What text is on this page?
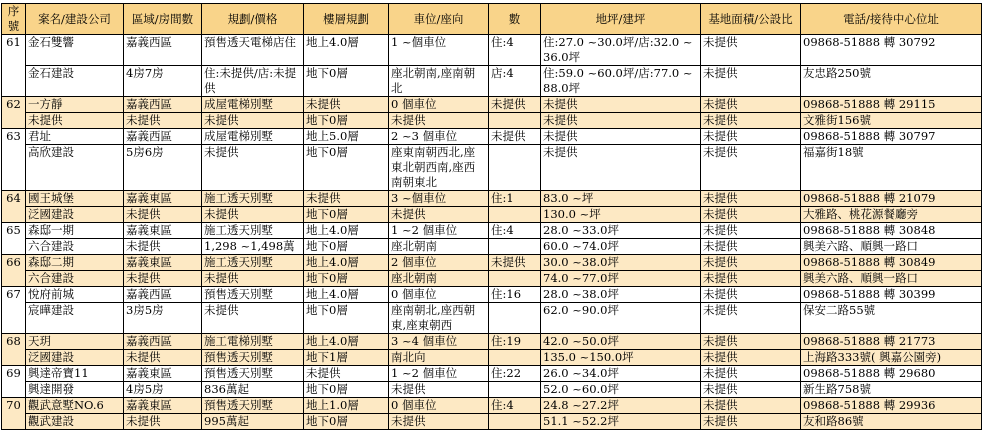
序號	案名/建設公司	區域/房間數	規劃/價格	樓層規劃	車位/座向	數	地坪/建坪	基地面積/公設比	電話/接待中心位址
61	金石雙響	嘉義西區	預售透天電梯店住	地上4.0層	1 ~個車位	住:4	住:27.0 ~30.0坪/店:32.0 ~36.0坪	未提供	09868-51888 轉 30792
	金石建設	4房7房	住:未提供/店:未提供	地下0層	座北朝南,座南朝北	店:4	住:59.0 ~60.0坪/店:77.0 ~88.0坪	未提供	友忠路250號
62	一方靜	嘉義西區	成屋電梯別墅	未提供	0 個車位	未提供	未提供	未提供	09868-51888 轉 29115
	未提供	未提供	未提供	地下0層	未提供		未提供	未提供	文雅街156號
63	君址	嘉義西區	成屋電梯別墅	地上5.0層	2 ~3 個車位	未提供	未提供	未提供	09868-51888 轉 30797
	高欣建設	5房6房	未提供	地下0層	座東南朝西北,座東北朝西南,座西南朝東北		未提供	未提供	福嘉街18號
64	國王城堡	嘉義東區	施工透天別墅	未提供	3 ~個車位	住:1	83.0 ~坪	未提供	09868-51888 轉 21079
	泛國建設	未提供	未提供	地下0層	未提供		130.0 ~坪	未提供	大雅路、桃花源餐廳旁
65	森邸一期	嘉義東區	施工透天別墅	地上4.0層	1 ~2 個車位	住:4	28.0 ~33.0坪	未提供	09868-51888 轉 30848
	六合建設	未提供	1,298 ~1,498萬	地下0層	座北朝南		60.0 ~74.0坪	未提供	興美六路、順興一路口
66	森邸二期	嘉義東區	施工透天別墅	地上4.0層	2 個車位	未提供	30.0 ~38.0坪	未提供	09868-51888 轉 30849
	六合建設	未提供	未提供	地下0層	座北朝南		74.0 ~77.0坪	未提供	興美六路、順興一路口
67	悅府前城	嘉義西區	預售透天別墅	地上4.0層	0 個車位	住:16	28.0 ~38.0坪	未提供	09868-51888 轉 30399
	宸曄建設	3房5房	未提供	地下0層	座南朝北,座西朝東,座東朝西		62.0 ~90.0坪	未提供	保安二路55號
68	天玥	嘉義西區	施工電梯別墅	地上4.0層	3 ~4 個車位	住:19	42.0 ~50.0坪	未提供	09868-51888 轉 21773
	泛國建設	未提供	預售透天別墅	地下1層	南北向		135.0 ~150.0坪	未提供	上海路333號( 興嘉公園旁)
69	興達帝寶11	嘉義東區	預售透天別墅	未提供	1 ~2 個車位	住:22	26.0 ~34.0坪	未提供	09868-51888 轉 29680
	興達開發	4房5房	836萬起	地下0層	未提供		52.0 ~60.0坪	未提供	新生路758號
70	觀武意墅NO.6	嘉義東區	預售透天別墅	地上1.0層	0 個車位	住:4	24.8 ~27.2坪	未提供	09868-51888 轉 29936
	觀武建設	未提供	995萬起	地下0層	未提供		51.1 ~52.2坪	未提供	友和路86號
